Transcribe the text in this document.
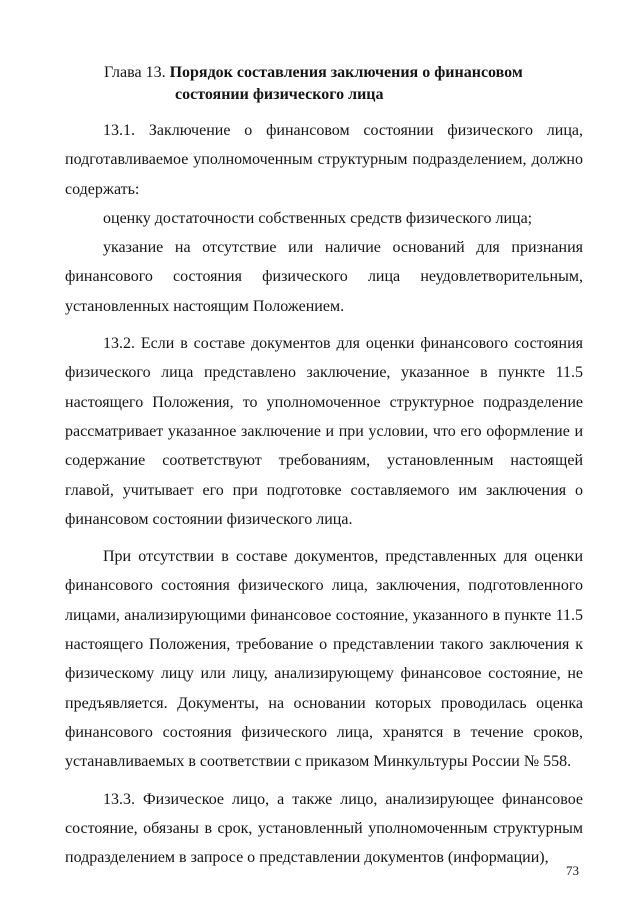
Глава 13. Порядок составления заключения о финансовом
состоянии физического лица

13.1. Заключение о финансовом состоянии физического лица, подготавливаемое уполномоченным структурным подразделением, должно содержать:

оценку достаточности собственных средств физического лица;

указание на отсутствие или наличие оснований для признания финансового состояния физического лица неудовлетворительным, установленных настоящим Положением.

13.2. Если в составе документов для оценки финансового состояния физического лица представлено заключение, указанное в пункте 11.5 настоящего Положения, то уполномоченное структурное подразделение рассматривает указанное заключение и при условии, что его оформление и содержание соответствуют требованиям, установленным настоящей главой, учитывает его при подготовке составляемого им заключения о финансовом состоянии физического лица.

При отсутствии в составе документов, представленных для оценки финансового состояния физического лица, заключения, подготовленного лицами, анализирующими финансовое состояние, указанного в пункте 11.5 настоящего Положения, требование о представлении такого заключения к физическому лицу или лицу, анализирующему финансовое состояние, не предъявляется. Документы, на основании которых проводилась оценка финансового состояния физического лица, хранятся в течение сроков, устанавливаемых в соответствии с приказом Минкультуры России № 558.

13.3. Физическое лицо, а также лицо, анализирующее финансовое состояние, обязаны в срок, установленный уполномоченным структурным подразделением в запросе о представлении документов (информации),

73
